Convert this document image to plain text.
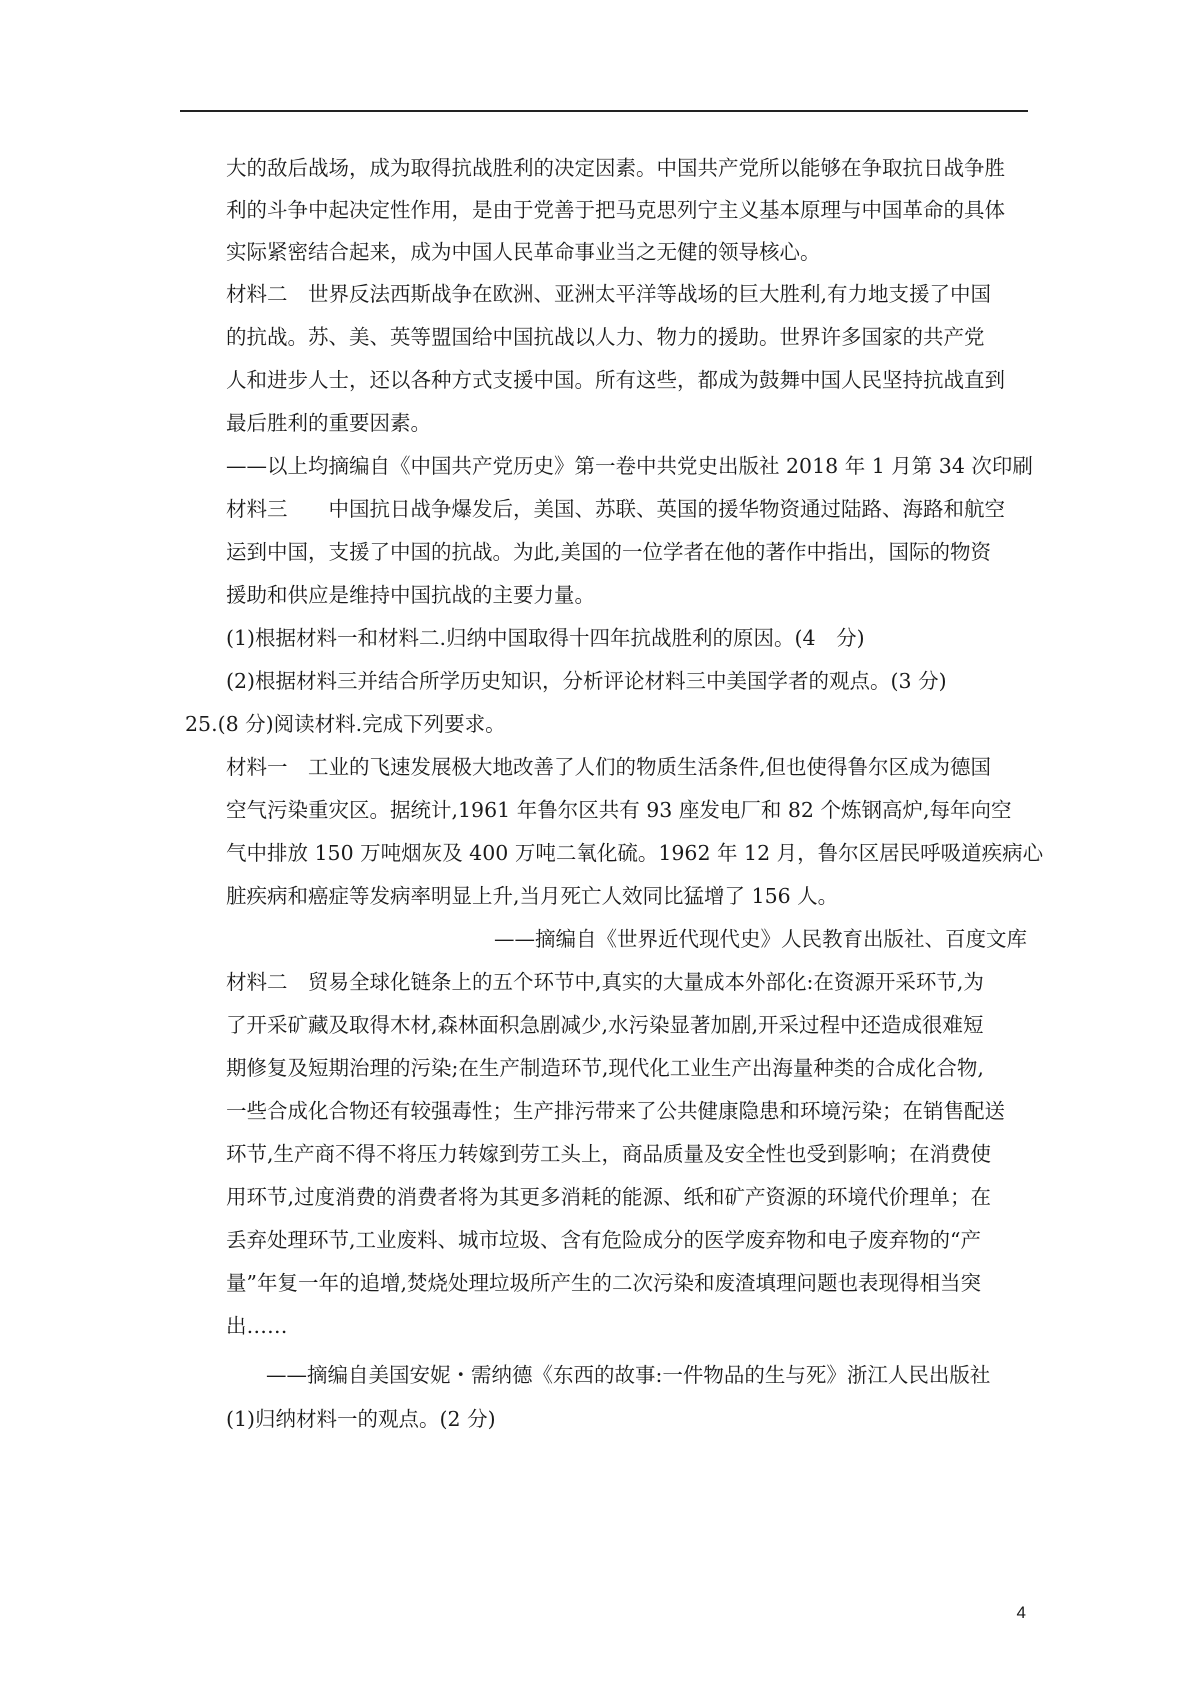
大的敌后战场，成为取得抗战胜利的决定因素。中国共产党所以能够在争取抗日战争胜
利的斗争中起决定性作用，是由于党善于把马克思列宁主义基本原理与中国革命的具体
实际紧密结合起来，成为中国人民革命事业当之无健的领导核心。
材料二　世界反法西斯战争在欧洲、亚洲太平洋等战场的巨大胜利,有力地支援了中国
的抗战。苏、美、英等盟国给中国抗战以人力、物力的援助。世界许多国家的共产党
人和进步人士，还以各种方式支援中国。所有这些，都成为鼓舞中国人民坚持抗战直到
最后胜利的重要因素。
——以上均摘编自《中国共产党历史》第一卷中共党史出版社 2018 年 1 月第 34 次印刷
材料三　　中国抗日战争爆发后，美国、苏联、英国的援华物资通过陆路、海路和航空
运到中国，支援了中国的抗战。为此,美国的一位学者在他的著作中指出，国际的物资
援助和供应是维持中国抗战的主要力量。
(1)根据材料一和材料二.归纳中国取得十四年抗战胜利的原因。(4　分)
(2)根据材料三并结合所学历史知识，分析评论材料三中美国学者的观点。(3 分)
25.(8 分)阅读材料.完成下列要求。
材料一　工业的飞速发展极大地改善了人们的物质生活条件,但也使得鲁尔区成为德国
空气污染重灾区。据统计,1961 年鲁尔区共有 93 座发电厂和 82 个炼钢高炉,每年向空
气中排放 150 万吨烟灰及 400 万吨二氧化硫。1962 年 12 月，鲁尔区居民呼吸道疾病心
脏疾病和癌症等发病率明显上升,当月死亡人效同比猛增了 156 人。
——摘编自《世界近代现代史》人民教育出版社、百度文库
材料二　贸易全球化链条上的五个环节中,真实的大量成本外部化:在资源开采环节,为
了开采矿藏及取得木材,森林面积急剧减少,水污染显著加剧,开采过程中还造成很难短
期修复及短期治理的污染;在生产制造环节,现代化工业生产出海量种类的合成化合物,
一些合成化合物还有较强毒性；生产排污带来了公共健康隐患和环境污染；在销售配送
环节,生产商不得不将压力转嫁到劳工头上，商品质量及安全性也受到影响；在消费使
用环节,过度消费的消费者将为其更多消耗的能源、纸和矿产资源的环境代价理单；在
丢弃处理环节,工业废料、城市垃圾、含有危险成分的医学废弃物和电子废弃物的“产
量”年复一年的追增,焚烧处理垃圾所产生的二次污染和废渣填理问题也表现得相当突
出……
——摘编自美国安妮・需纳德《东西的故事:一件物品的生与死》浙江人民出版社
(1)归纳材料一的观点。(2 分)
4
